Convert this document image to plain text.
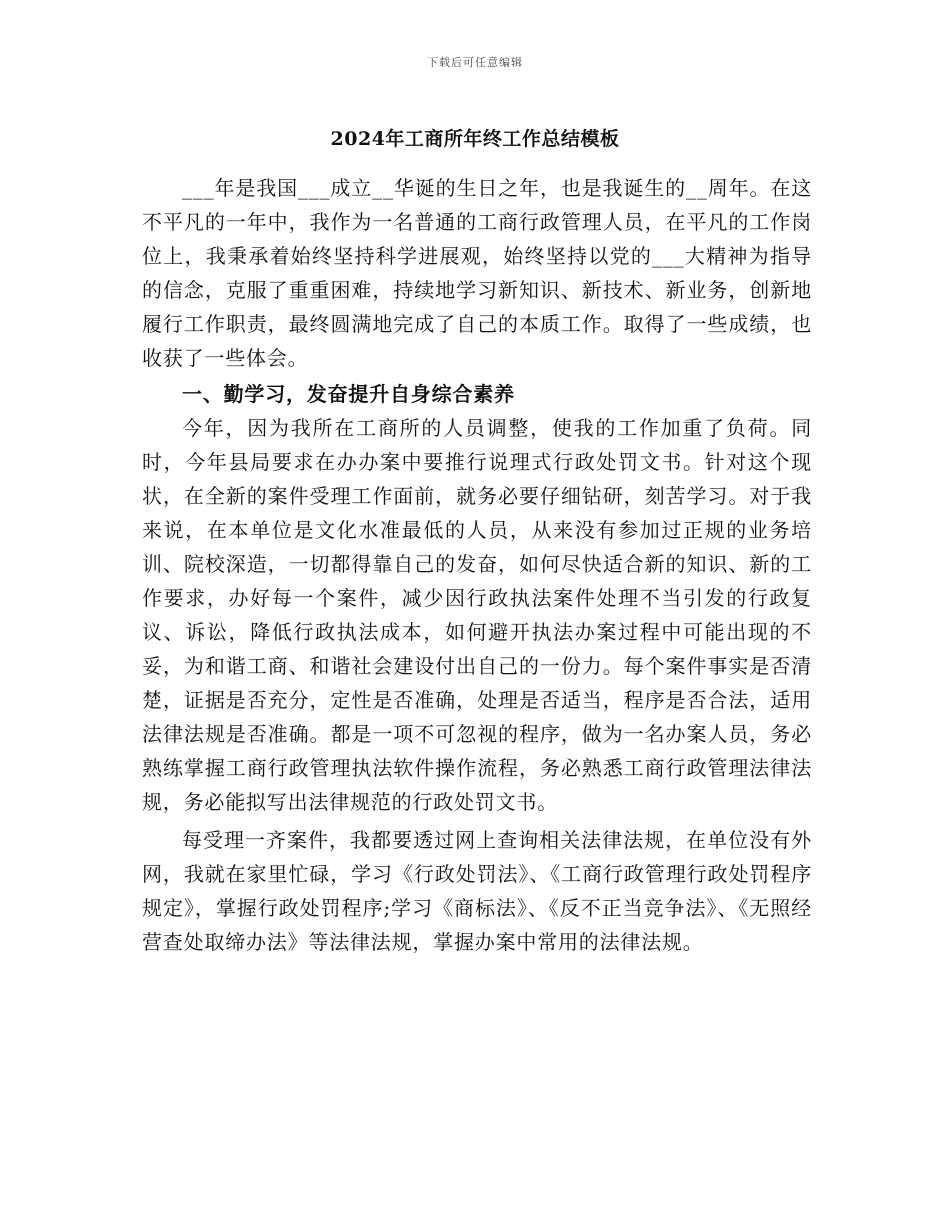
下载后可任意编辑
2024年工商所年终工作总结模板

___年是我国___成立__华诞的生日之年，也是我诞生的__周年。在这不平凡的一年中，我作为一名普通的工商行政管理人员，在平凡的工作岗位上，我秉承着始终坚持科学进展观，始终坚持以党的___大精神为指导的信念，克服了重重困难，持续地学习新知识、新技术、新业务，创新地履行工作职责，最终圆满地完成了自己的本质工作。取得了一些成绩，也收获了一些体会。

一、勤学习，发奋提升自身综合素养

今年，因为我所在工商所的人员调整，使我的工作加重了负荷。同时，今年县局要求在办办案中要推行说理式行政处罚文书。针对这个现状，在全新的案件受理工作面前，就务必要仔细钻研，刻苦学习。对于我来说，在本单位是文化水准最低的人员，从来没有参加过正规的业务培训、院校深造，一切都得靠自己的发奋，如何尽快适合新的知识、新的工作要求，办好每一个案件，减少因行政执法案件处理不当引发的行政复议、诉讼，降低行政执法成本，如何避开执法办案过程中可能出现的不妥，为和谐工商、和谐社会建设付出自己的一份力。每个案件事实是否清楚，证据是否充分，定性是否准确，处理是否适当，程序是否合法，适用法律法规是否准确。都是一项不可忽视的程序，做为一名办案人员，务必熟练掌握工商行政管理执法软件操作流程，务必熟悉工商行政管理法律法规，务必能拟写出法律规范的行政处罚文书。

每受理一齐案件，我都要透过网上查询相关法律法规，在单位没有外网，我就在家里忙碌，学习《行政处罚法》、《工商行政管理行政处罚程序规定》，掌握行政处罚程序;学习《商标法》、《反不正当竞争法》、《无照经营查处取缔办法》等法律法规，掌握办案中常用的法律法规。
